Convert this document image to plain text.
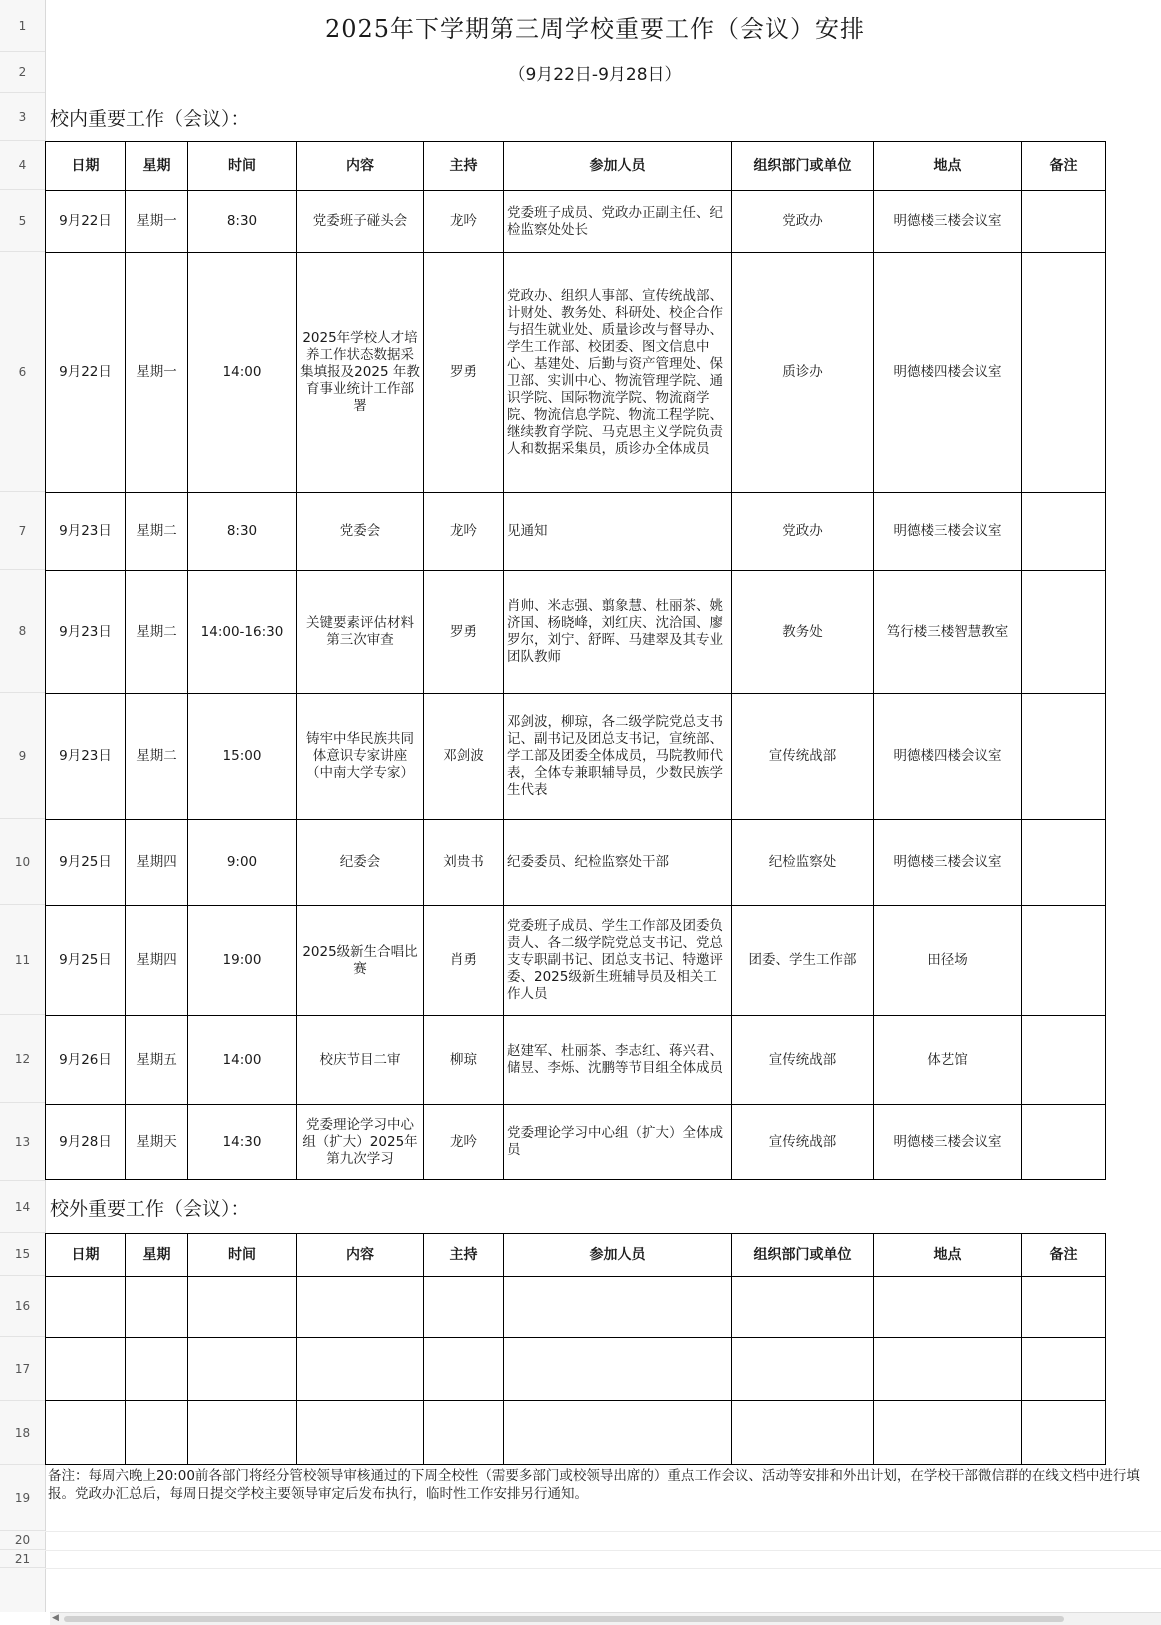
1
2
3
4
5
6
7
8
9
10
11
12
13
14
15
16
17
18
19
20
21
2025年下学期第三周学校重要工作（会议）安排
（9月22日-9月28日）
校内重要工作（会议）：
日期	星期	时间	内容	主持	参加人员	组织部门或单位	地点	备注
9月22日	星期一	8:30	党委班子碰头会	龙吟	党委班子成员、党政办正副主任、纪检监察处处长	党政办	明德楼三楼会议室	
9月22日	星期一	14:00	2025年学校人才培养工作状态数据采集填报及2025 年教育事业统计工作部署	罗勇	党政办、组织人事部、宣传统战部、计财处、教务处、科研处、校企合作与招生就业处、质量诊改与督导办、学生工作部、校团委、图文信息中心、基建处、后勤与资产管理处、保卫部、实训中心、物流管理学院、通识学院、国际物流学院、物流商学院、物流信息学院、物流工程学院、继续教育学院、马克思主义学院负责人和数据采集员，质诊办全体成员	质诊办	明德楼四楼会议室	
9月23日	星期二	8:30	党委会	龙吟	见通知	党政办	明德楼三楼会议室	
9月23日	星期二	14:00-16:30	关键要素评估材料第三次审查	罗勇	肖帅、米志强、翦象慧、杜丽茶、姚济国、杨晓峰，刘红庆、沈洽国、廖罗尔，刘宁、舒晖、马建翠及其专业团队教师	教务处	笃行楼三楼智慧教室	
9月23日	星期二	15:00	铸牢中华民族共同体意识专家讲座（中南大学专家）	邓剑波	邓剑波，柳琼，各二级学院党总支书记、副书记及团总支书记，宣统部、学工部及团委全体成员，马院教师代表，全体专兼职辅导员，少数民族学生代表	宣传统战部	明德楼四楼会议室	
9月25日	星期四	9:00	纪委会	刘贵书	纪委委员、纪检监察处干部	纪检监察处	明德楼三楼会议室	
9月25日	星期四	19:00	2025级新生合唱比赛	肖勇	党委班子成员、学生工作部及团委负责人、各二级学院党总支书记、党总支专职副书记、团总支书记、特邀评委、2025级新生班辅导员及相关工作人员	团委、学生工作部	田径场	
9月26日	星期五	14:00	校庆节目二审	柳琼	赵建军、杜丽茶、李志红、蒋兴君、储昱、李烁、沈鹏等节目组全体成员	宣传统战部	体艺馆	
9月28日	星期天	14:30	党委理论学习中心组（扩大）2025年第九次学习	龙吟	党委理论学习中心组（扩大）全体成员	宣传统战部	明德楼三楼会议室	
校外重要工作（会议）：
日期	星期	时间	内容	主持	参加人员	组织部门或单位	地点	备注

备注：每周六晚上20:00前各部门将经分管校领导审核通过的下周全校性（需要多部门或校领导出席的）重点工作会议、活动等安排和外出计划，在学校干部微信群的在线文档中进行填报。党政办汇总后，每周日提交学校主要领导审定后发布执行，临时性工作安排另行通知。
◀
